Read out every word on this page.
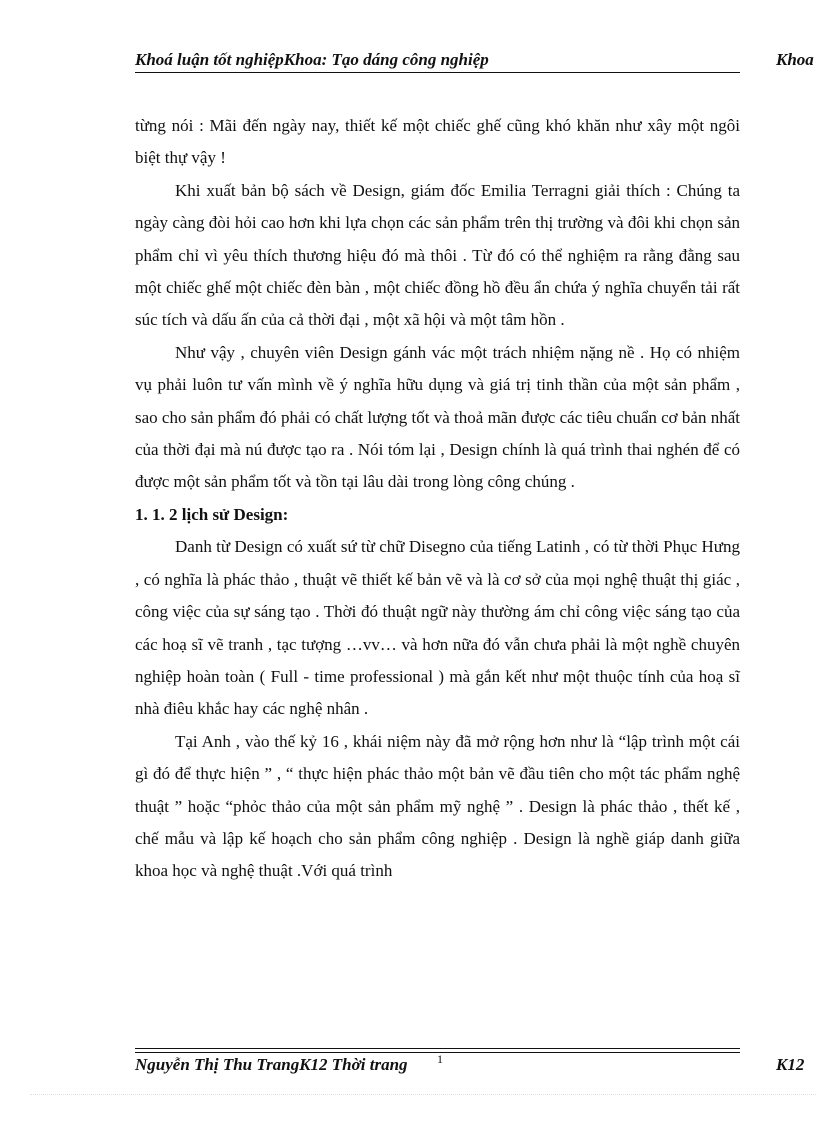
Khoá luận tốt nghiệpKhoa: Tạo dáng công nghiệp	Khoa

từng nói : Mãi đến ngày nay, thiết kế một chiếc ghế cũng khó khăn như xây một ngôi biệt thự vậy !

Khi xuất bản bộ sách về Design, giám đốc Emilia Terragni giải thích : Chúng ta ngày càng đòi hỏi cao hơn khi lựa chọn các sản phẩm trên thị trường và đôi khi chọn sản phẩm chỉ vì yêu thích thương hiệu đó mà thôi . Từ đó có thể nghiệm ra rằng đằng sau một chiếc ghế một chiếc đèn bàn , một chiếc đồng hồ đều ẩn chứa ý nghĩa chuyển tải rất súc tích và dấu ấn của cả thời đại , một xã hội và một tâm hồn .

Như vậy , chuyên viên Design gánh vác một trách nhiệm nặng nề . Họ có nhiệm vụ phải luôn tư vấn mình về ý nghĩa hữu dụng và giá trị tinh thần của một sản phẩm , sao cho sản phẩm đó phải có chất lượng tốt và thoả mãn được các tiêu chuẩn cơ bản nhất của thời đại mà nú được tạo ra . Nói tóm lại , Design chính là quá trình thai nghén để có được một sản phẩm tốt và tồn tại lâu dài trong lòng công chúng .

1. 1. 2 lịch sử Design:

Danh từ Design có xuất sứ từ chữ Disegno của tiếng Latinh , có từ thời Phục Hưng , có nghĩa là phác thảo , thuật vẽ thiết kế bản vẽ và là cơ sở của mọi nghệ thuật thị giác , công việc của sự sáng tạo . Thời đó thuật ngữ này thường ám chỉ công việc sáng tạo của các hoạ sĩ vẽ tranh , tạc tượng …vv… và hơn nữa đó vẫn chưa phải là một nghề chuyên nghiệp hoàn toàn ( Full - time professional ) mà gắn kết như một thuộc tính của hoạ sĩ nhà điêu khắc hay các nghệ nhân .

Tại Anh , vào thế kỷ 16 , khái niệm này đã mở rộng hơn như là “lập trình một cái gì đó để thực hiện ” , “ thực hiện phác thảo một bản vẽ đầu tiên cho một tác phẩm nghệ thuật ” hoặc “phỏc thảo của một sản phẩm mỹ nghệ ” . Design là phác thảo , thết kế , chế mẫu và lập kế hoạch cho sản phẩm công nghiệp . Design là nghề giáp danh giữa khoa học và nghệ thuật .Với quá trình

Nguyễn Thị Thu TrangK12 Thời trang 1	K12
